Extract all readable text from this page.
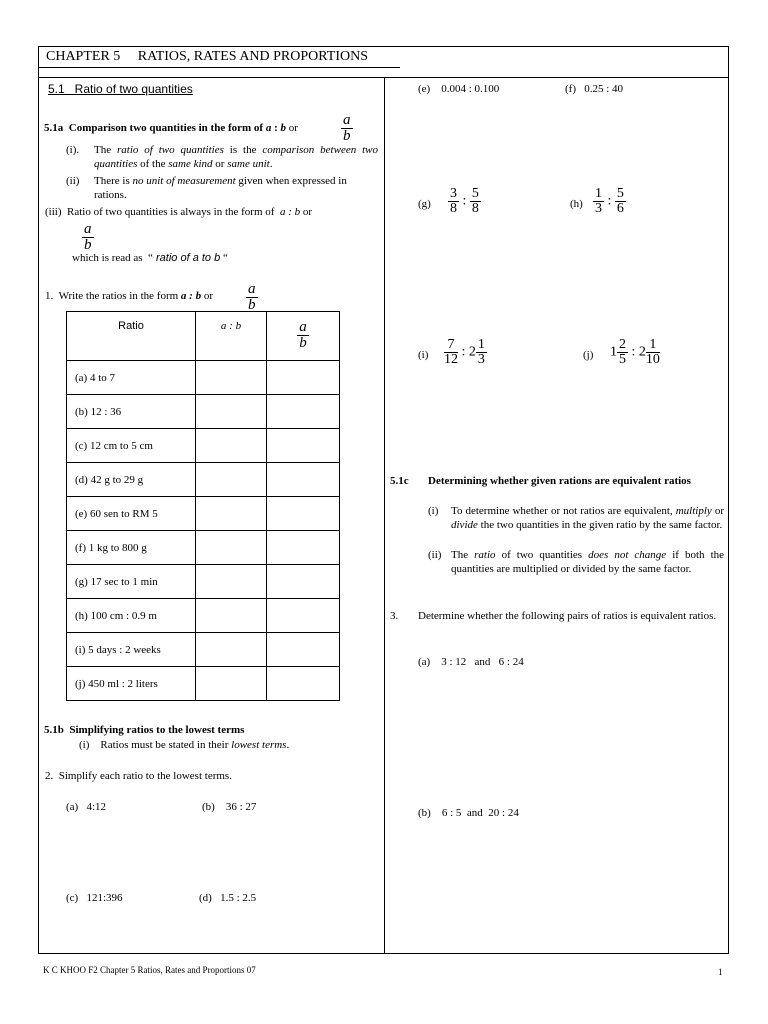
CHAPTER 5 RATIOS, RATES AND PROPORTIONS
5.1   Ratio of two quantities
5.1a Comparison two quantities in the form of a : b or	$\frac{a}{b}$
(i). The ratio of two quantities is the comparison between two quantities of the same kind or same unit.
(ii) There is no unit of measurement given when expressed in rations.
(iii) Ratio of two quantities is always in the form of a : b or
$\frac{a}{b}$
which is read as  “ ratio of a to b “
1. Write the ratios in the form a : b or $\frac{a}{b}$
Ratio	a : b	$\frac{a}{b}$

(a) 4 to 7		
(b) 12 : 36		
(c) 12 cm to 5 cm		
(d) 42 g to 29 g		
(e) 60 sen to RM 5		
(f) 1 kg to 800 g		
(g) 17 sec to 1 min		
(h) 100 cm : 0.9 m		
(i) 5 days : 2 weeks		
(j) 450 ml : 2 liters		
5.1b  Simplifying ratios to the lowest terms
(i) Ratios must be stated in their lowest terms.
2. Simplify each ratio to the lowest terms.
(a)   4:12	(b)    36 : 27
(c)   121:396	(d)   1.5 : 2.5
(e)    0.004 : 0.100	(f)   0.25 : 40
$(g) \frac{3}{8}$ : $\frac{5}{8}$	$(h) \frac{1}{3}$ : $\frac{5}{6}$
$(i) \frac{7}{12}$ : $2 \frac{1}{3}$	(j) $1 \frac{2}{5}$ : $2 \frac{1}{10}$
5.1c Determining whether given rations are equivalent ratios
(i) To determine whether or not ratios are equivalent, multiply or divide the two quantities in the given ratio by the same factor.
(ii) The ratio of two quantities does not change if both the quantities are multiplied or divided by the same factor.
3. Determine whether the following pairs of ratios is equivalent ratios.
(a)    3 : 12   and   6 : 24
(b)    6 : 5  and  20 : 24
K C KHOO F2 Chapter 5 Ratios, Rates and Proportions 07	1
